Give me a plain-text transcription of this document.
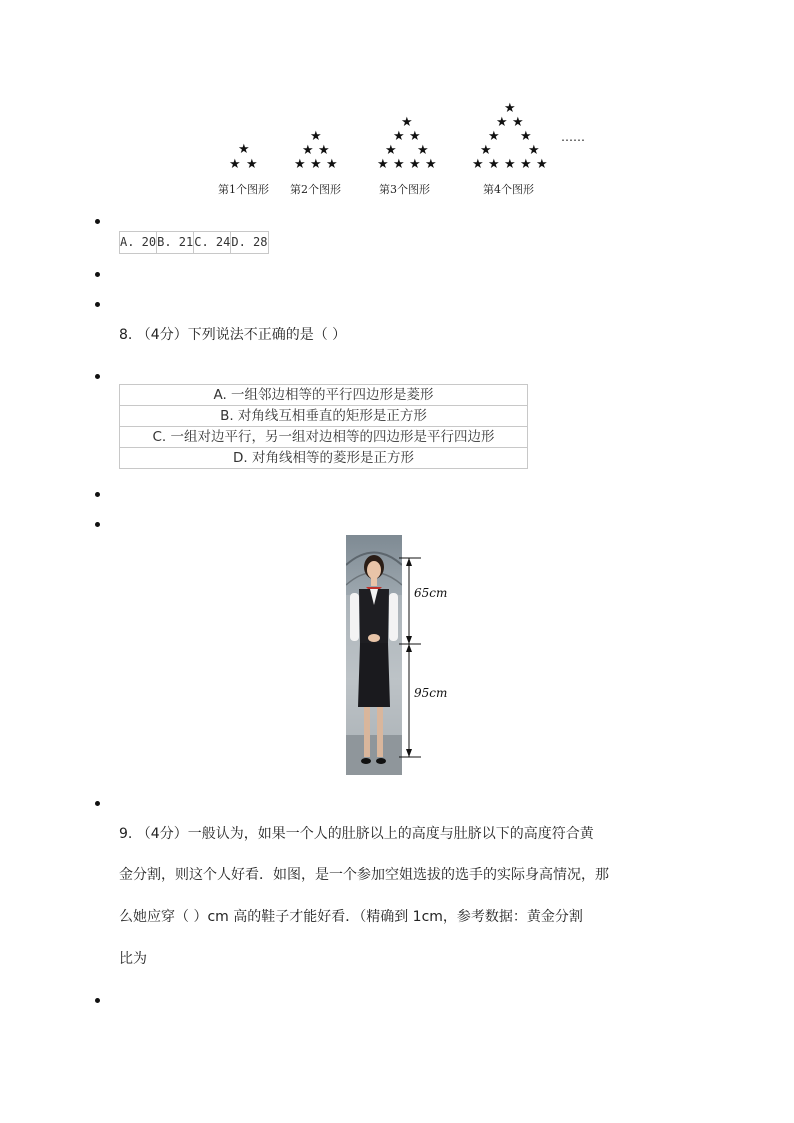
★
★ ★
★
★ ★
★ ★ ★
★
★ ★
★ ★
★ ★ ★ ★
★
★ ★
★ ★
★	★
★ ★ ★ ★ ★
……
第1个图形 第2个图形	第3个图形	第4个图形
A. 20 B. 21 C. 24 D. 28
8. （4分）下列说法不正确的是（ ）
A. 一组邻边相等的平行四边形是菱形
B. 对角线互相垂直的矩形是正方形
C. 一组对边平行，另一组对边相等的四边形是平行四边形
D. 对角线相等的菱形是正方形
65cm
95cm
9. （4分）一般认为，如果一个人的肚脐以上的高度与肚脐以下的高度符合黄
金分割，则这个人好看．如图，是一个参加空姐选拔的选手的实际身高情况，那
么她应穿（ ）cm 高的鞋子才能好看．（精确到 1cm，参考数据：黄金分割
比为
